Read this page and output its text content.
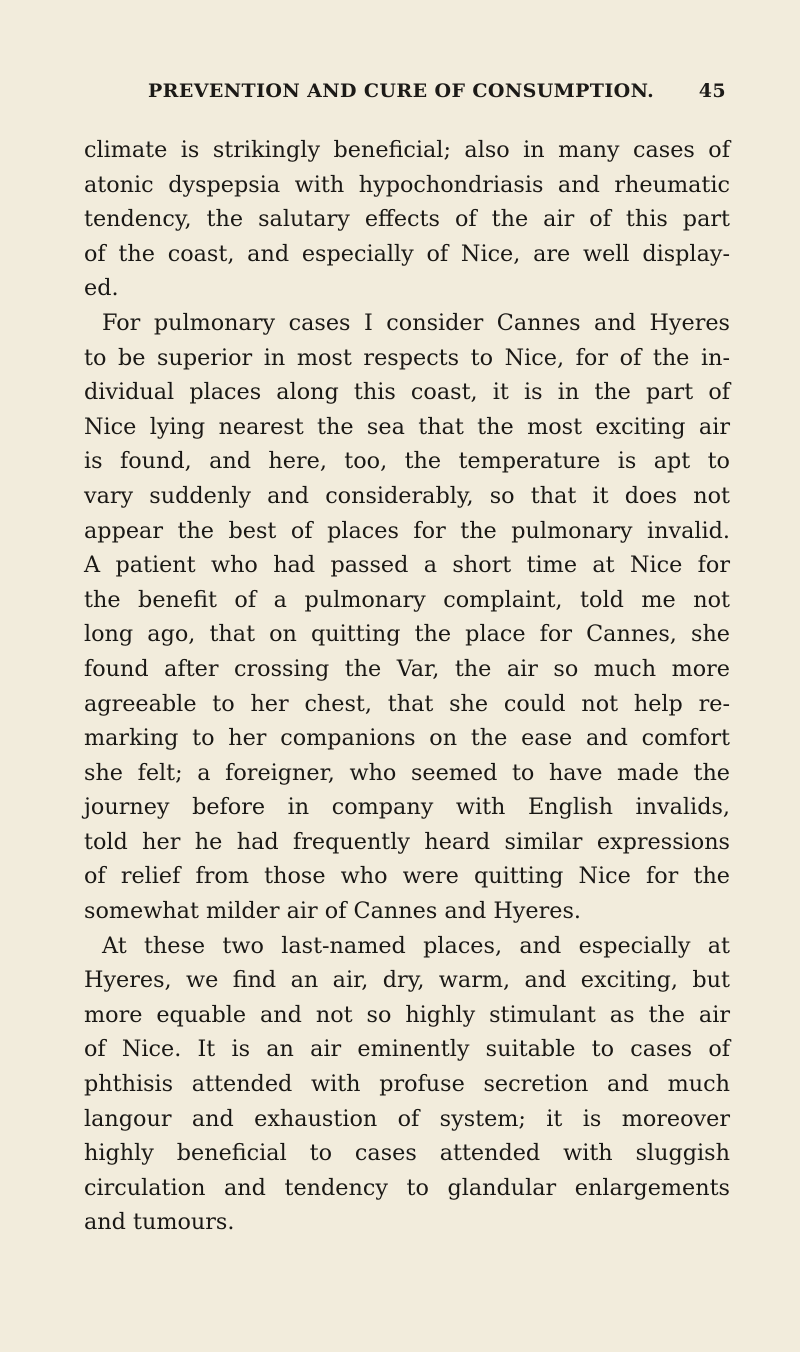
PREVENTION AND CURE OF CONSUMPTION. 45
climate is strikingly beneficial; also in many cases of
atonic dyspepsia with hypochondriasis and rheumatic
tendency, the salutary effects of the air of this part
of the coast, and especially of Nice, are well display-
ed.
For pulmonary cases I consider Cannes and Hyeres
to be superior in most respects to Nice, for of the in-
dividual places along this coast, it is in the part of
Nice lying nearest the sea that the most exciting air
is found, and here, too, the temperature is apt to
vary suddenly and considerably, so that it does not
appear the best of places for the pulmonary invalid.
A patient who had passed a short time at Nice for
the benefit of a pulmonary complaint, told me not
long ago, that on quitting the place for Cannes, she
found after crossing the Var, the air so much more
agreeable to her chest, that she could not help re-
marking to her companions on the ease and comfort
she felt; a foreigner, who seemed to have made the
journey before in company with English invalids,
told her he had frequently heard similar expressions
of relief from those who were quitting Nice for the
somewhat milder air of Cannes and Hyeres.
At these two last-named places, and especially at
Hyeres, we find an air, dry, warm, and exciting, but
more equable and not so highly stimulant as the air
of Nice. It is an air eminently suitable to cases of
phthisis attended with profuse secretion and much
langour and exhaustion of system; it is moreover
highly beneficial to cases attended with sluggish
circulation and tendency to glandular enlargements
and tumours.
